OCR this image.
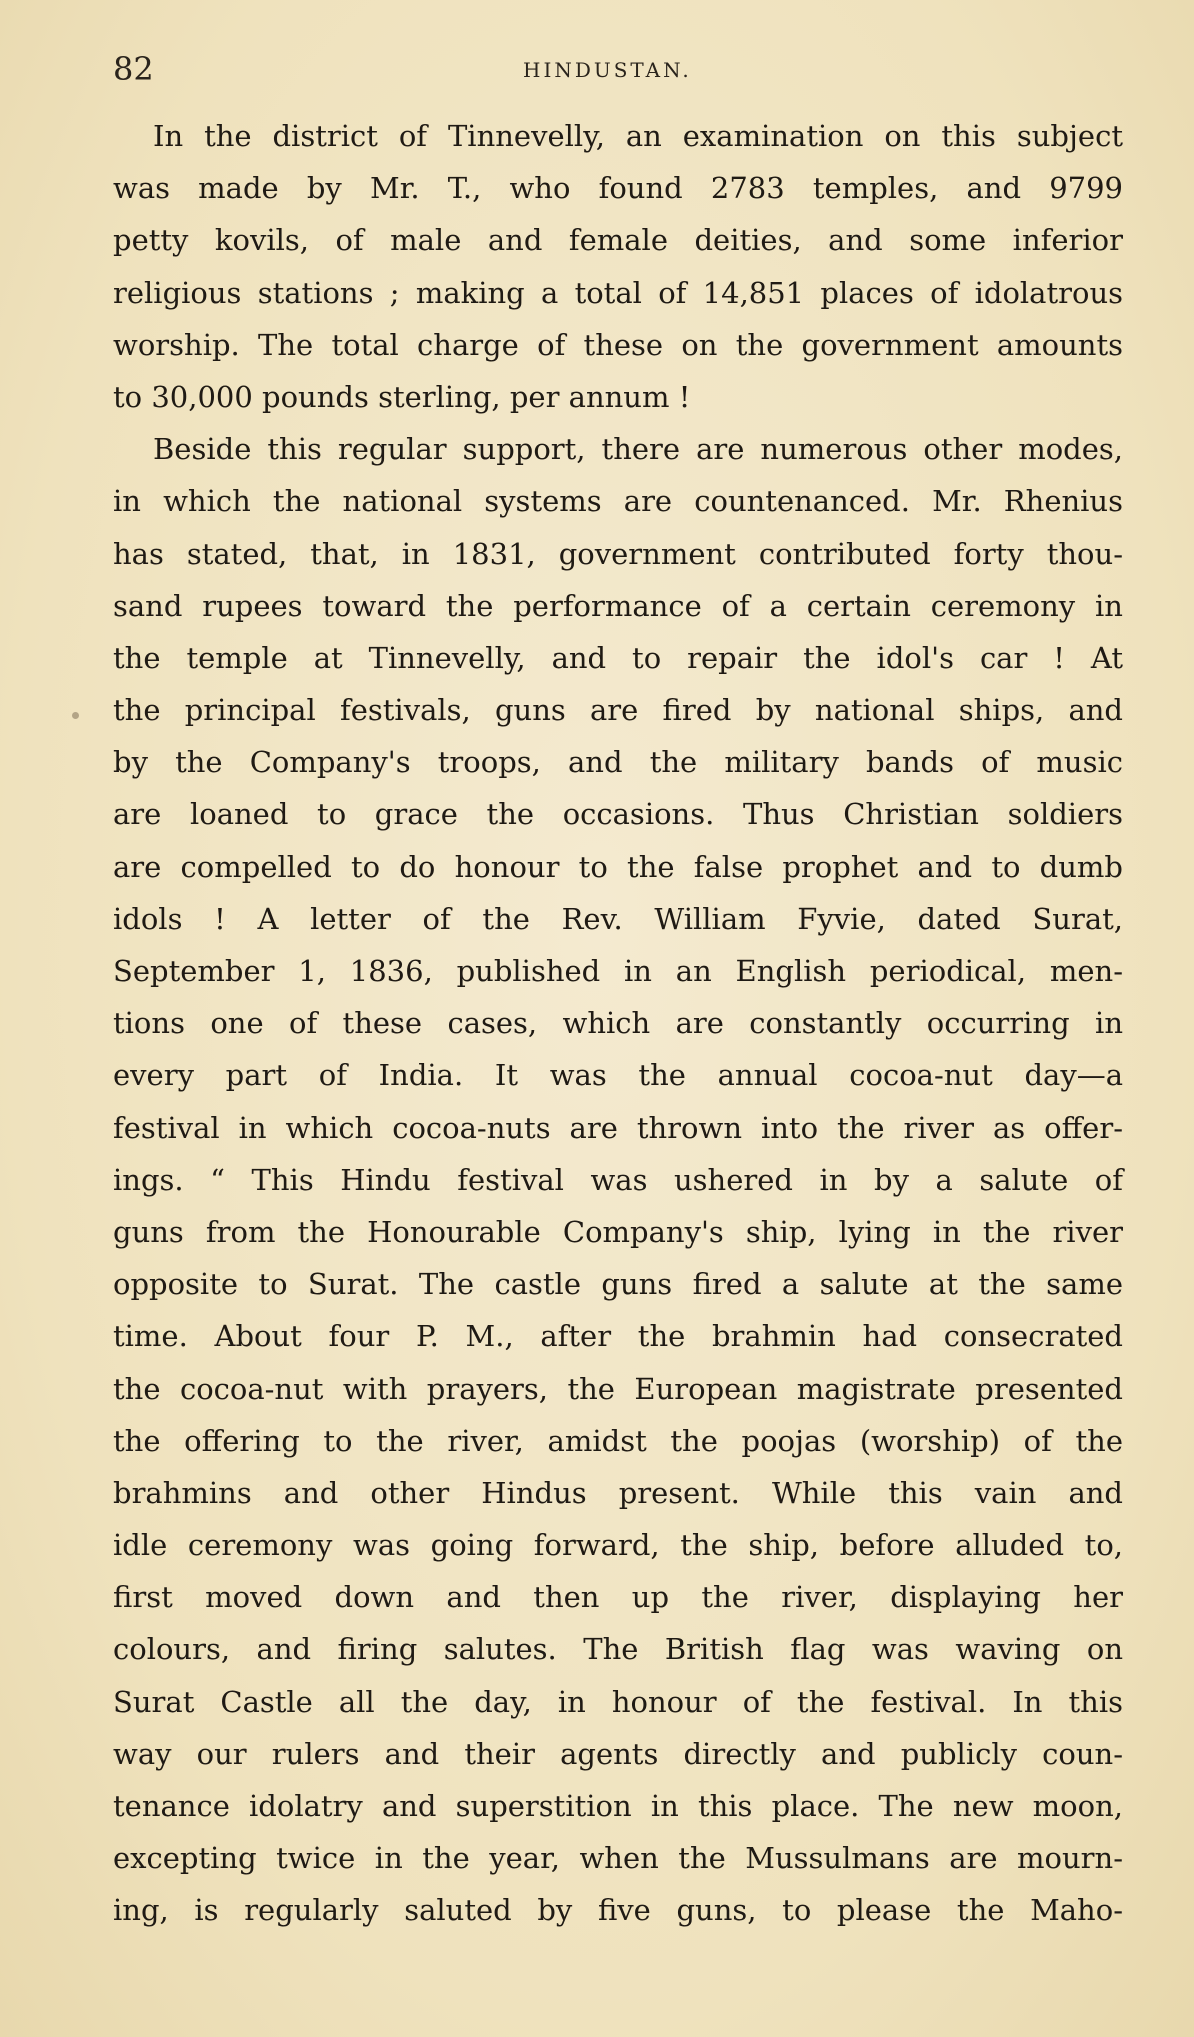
82	HINDUSTAN.
In the district of Tinnevelly, an examination on this subject
was made by Mr. T., who found 2783 temples, and 9799
petty kovils, of male and female deities, and some inferior
religious stations ; making a total of 14,851 places of idolatrous
worship. The total charge of these on the government amounts
to 30,000 pounds sterling, per annum !
Beside this regular support, there are numerous other modes,
in which the national systems are countenanced. Mr. Rhenius
has stated, that, in 1831, government contributed forty thou-
sand rupees toward the performance of a certain ceremony in
the temple at Tinnevelly, and to repair the idol's car ! At
the principal festivals, guns are fired by national ships, and
by the Company's troops, and the military bands of music
are loaned to grace the occasions. Thus Christian soldiers
are compelled to do honour to the false prophet and to dumb
idols ! A letter of the Rev. William Fyvie, dated Surat,
September 1, 1836, published in an English periodical, men-
tions one of these cases, which are constantly occurring in
every part of India. It was the annual cocoa-nut day—a
festival in which cocoa-nuts are thrown into the river as offer-
ings. “ This Hindu festival was ushered in by a salute of
guns from the Honourable Company's ship, lying in the river
opposite to Surat. The castle guns fired a salute at the same
time. About four P. M., after the brahmin had consecrated
the cocoa-nut with prayers, the European magistrate presented
the offering to the river, amidst the poojas (worship) of the
brahmins and other Hindus present. While this vain and
idle ceremony was going forward, the ship, before alluded to,
first moved down and then up the river, displaying her
colours, and firing salutes. The British flag was waving on
Surat Castle all the day, in honour of the festival. In this
way our rulers and their agents directly and publicly coun-
tenance idolatry and superstition in this place. The new moon,
excepting twice in the year, when the Mussulmans are mourn-
ing, is regularly saluted by five guns, to please the Maho-
